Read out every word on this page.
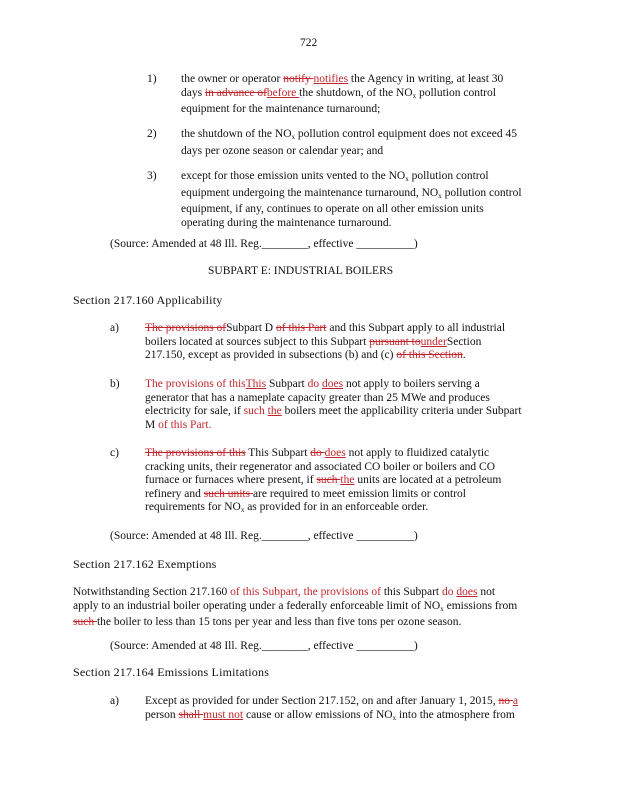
722
1) the owner or operator notify notifies the Agency in writing, at least 30
days in advance ofbefore the shutdown, of the $NO_x$ pollution control
equipment for the maintenance turnaround;
2) the shutdown of the $NO_x$ pollution control equipment does not exceed 45
days per ozone season or calendar year; and
3) except for those emission units vented to the $NO_x$ pollution control
equipment undergoing the maintenance turnaround, $NO_x$ pollution control
equipment, if any, continues to operate on all other emission units
operating during the maintenance turnaround.
(Source: Amended at 48 Ill. Reg.________, effective __________)
SUBPART E: INDUSTRIAL BOILERS
Section 217.160 Applicability
a) The provisions ofSubpart D of this Part and this Subpart apply to all industrial
boilers located at sources subject to this Subpart pursuant tounderSection
217.150, except as provided in subsections (b) and (c) of this Section.
b) The provisions of thisThis Subpart do does not apply to boilers serving a
generator that has a nameplate capacity greater than 25 MWe and produces
electricity for sale, if such the boilers meet the applicability criteria under Subpart
M of this Part.
c) The provisions of this This Subpart do does not apply to fluidized catalytic
cracking units, their regenerator and associated CO boiler or boilers and CO
furnace or furnaces where present, if such the units are located at a petroleum
refinery and such units are required to meet emission limits or control
requirements for $NO_x$ as provided for in an enforceable order.
(Source: Amended at 48 Ill. Reg.________, effective __________)
Section 217.162 Exemptions
Notwithstanding Section 217.160 of this Subpart, the provisions of this Subpart do does not
apply to an industrial boiler operating under a federally enforceable limit of $NO_x$ emissions from
such the boiler to less than 15 tons per year and less than five tons per ozone season.
(Source: Amended at 48 Ill. Reg.________, effective __________)
Section 217.164 Emissions Limitations
a) Except as provided for under Section 217.152, on and after January 1, 2015, no a
person shall must not cause or allow emissions of $NO_x$ into the atmosphere from
